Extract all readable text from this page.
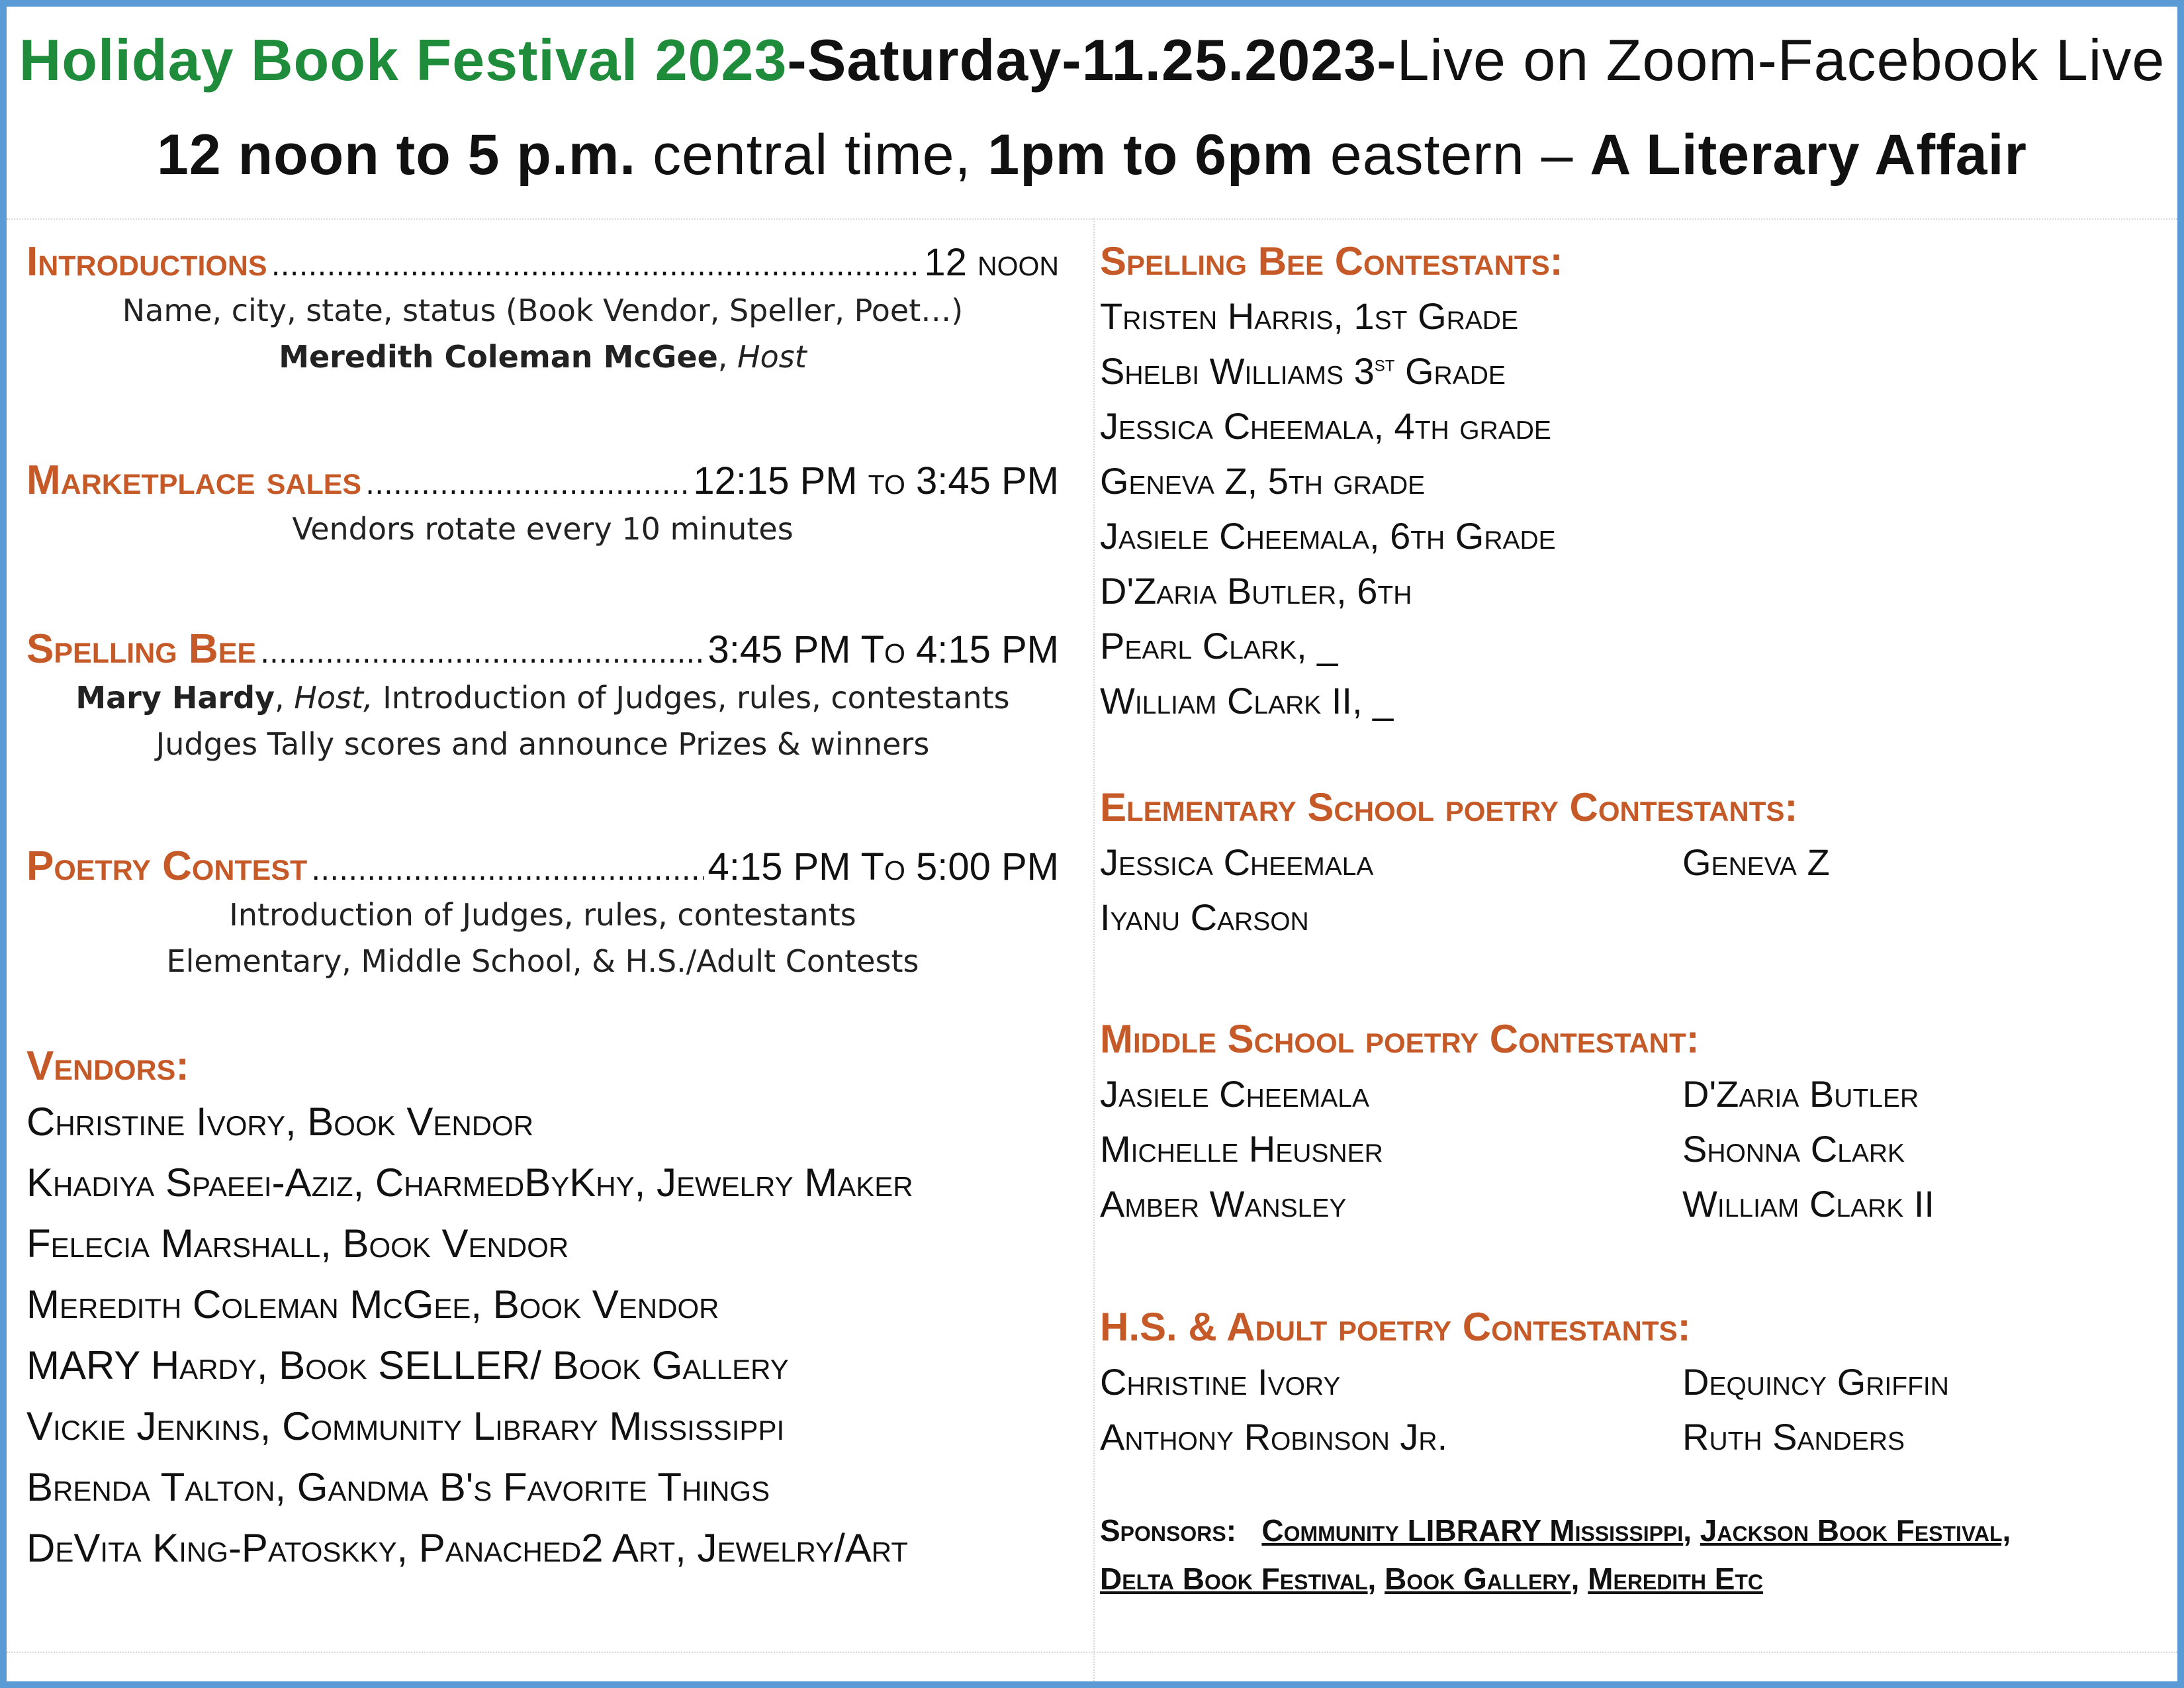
Holiday Book Festival 2023-Saturday-11.25.2023-Live on Zoom-Facebook Live
12 noon to 5 p.m. central time, 1pm to 6pm eastern – A Literary Affair
Introductions .....	12 noon
Name, city, state, status (Book Vendor, Speller, Poet…)
Meredith Coleman McGee, Host
Marketplace sales .....	12:15 PM to 3:45 PM
Vendors rotate every 10 minutes
Spelling Bee .....	3:45 PM To 4:15 PM
Mary Hardy, Host, Introduction of Judges, rules, contestants
Judges Tally scores and announce Prizes & winners
Poetry Contest .....	4:15 PM To 5:00 PM
Introduction of Judges, rules, contestants
Elementary, Middle School, & H.S./Adult Contests
Vendors:
Christine Ivory, Book Vendor
Khadiya Spaeei-Aziz, CharmedByKhy, Jewelry Maker
Felecia Marshall, Book Vendor
Meredith Coleman McGee, Book Vendor
MARY Hardy, Book SELLER/ Book Gallery
Vickie Jenkins, Community Library Mississippi
Brenda Talton, Gandma B's Favorite Things
DeVita King-Patoskky, Panached2 Art, Jewelry/Art
Spelling Bee Contestants:
Tristen Harris, 1st Grade
Shelbi Williams 3st Grade
Jessica Cheemala, 4th grade
Geneva Z, 5th grade
Jasiele Cheemala, 6th Grade
D'Zaria Butler, 6th
Pearl Clark, _
William Clark II, _
Elementary School poetry Contestants:
Jessica Cheemala	Geneva Z
Iyanu Carson
Middle School poetry Contestant:
Jasiele Cheemala	D'Zaria Butler
Michelle Heusner	Shonna Clark
Amber Wansley	William Clark II
H.S. & Adult poetry Contestants:
Christine Ivory	Dequincy Griffin
Anthony Robinson Jr.	Ruth Sanders
Sponsors: Community LIBRARY Mississippi, Jackson Book Festival,
Delta Book Festival, Book Gallery, Meredith Etc
